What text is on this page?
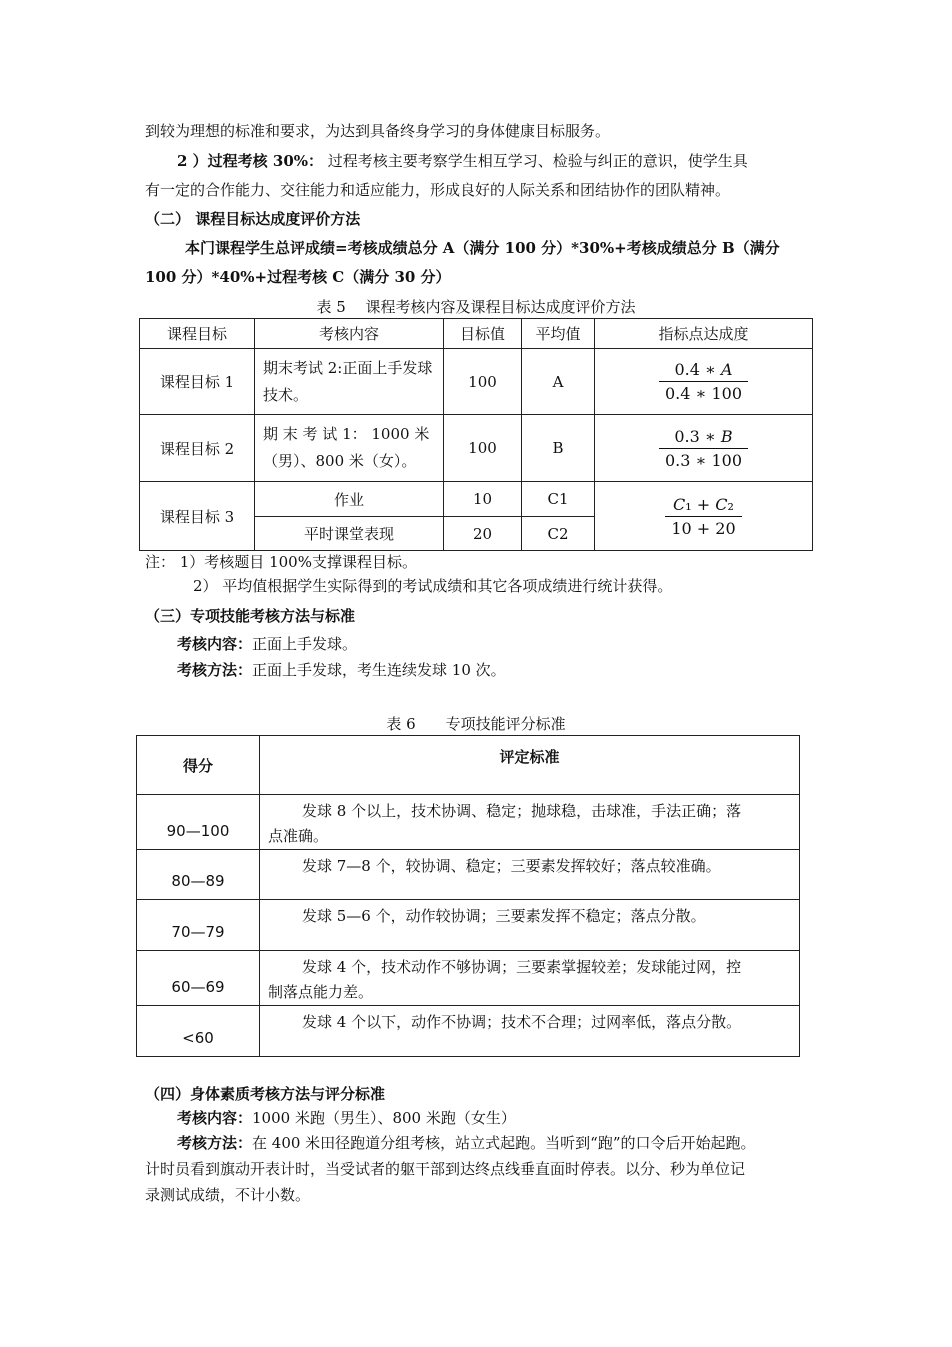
到较为理想的标准和要求，为达到具备终身学习的身体健康目标服务。
2 ）过程考核 30%： 过程考核主要考察学生相互学习、检验与纠正的意识，使学生具
有一定的合作能力、交往能力和适应能力，形成良好的人际关系和团结协作的团队精神。
（二） 课程目标达成度评价方法
本门课程学生总评成绩=考核成绩总分 A（满分 100 分）*30%+考核成绩总分 B（满分
100 分）*40%+过程考核 C（满分 30 分）
表 5　 课程考核内容及课程目标达成度评价方法
课程目标	考核内容	目标值	平均值	指标点达成度
课程目标 1	期末考试 2:正面上手发球技术。	100	A	$\frac{\text{0.4 ∗ 𝐴}}{0.4 ∗ 100}$

课程目标 2	期 末 考 试 1： 1000 米（男）、800 米（女）。	100	B	$\frac{\text{0.3 ∗ 𝐵}}{0.3 ∗ 100}$

课程目标 3	作业	10	C1	$\frac{\text{𝐶₁ + 𝐶₂}}{10 + 20}$

	平时课堂表现	20	C2	
注： 1）考核题目 100%支撑课程目标。
2） 平均值根据学生实际得到的考试成绩和其它各项成绩进行统计获得。
（三）专项技能考核方法与标准
考核内容：正面上手发球。
考核方法：正面上手发球，考生连续发球 10 次。
表 6　　专项技能评分标准
得分	评定标准
90—100	发球 8 个以上，技术协调、稳定；抛球稳，击球准，手法正确；落
点准确。
80—89	发球 7—8 个，较协调、稳定；三要素发挥较好；落点较准确。

70—79	发球 5—6 个，动作较协调；三要素发挥不稳定；落点分散。

60—69	发球 4 个，技术动作不够协调；三要素掌握较差；发球能过网，控
制落点能力差。
<60	发球 4 个以下，动作不协调；技术不合理；过网率低，落点分散。
（四）身体素质考核方法与评分标准
考核内容：1000 米跑（男生）、800 米跑（女生）
考核方法：在 400 米田径跑道分组考核，站立式起跑。当听到“跑”的口令后开始起跑。
计时员看到旗动开表计时，当受试者的躯干部到达终点线垂直面时停表。以分、秒为单位记
录测试成绩，不计小数。
